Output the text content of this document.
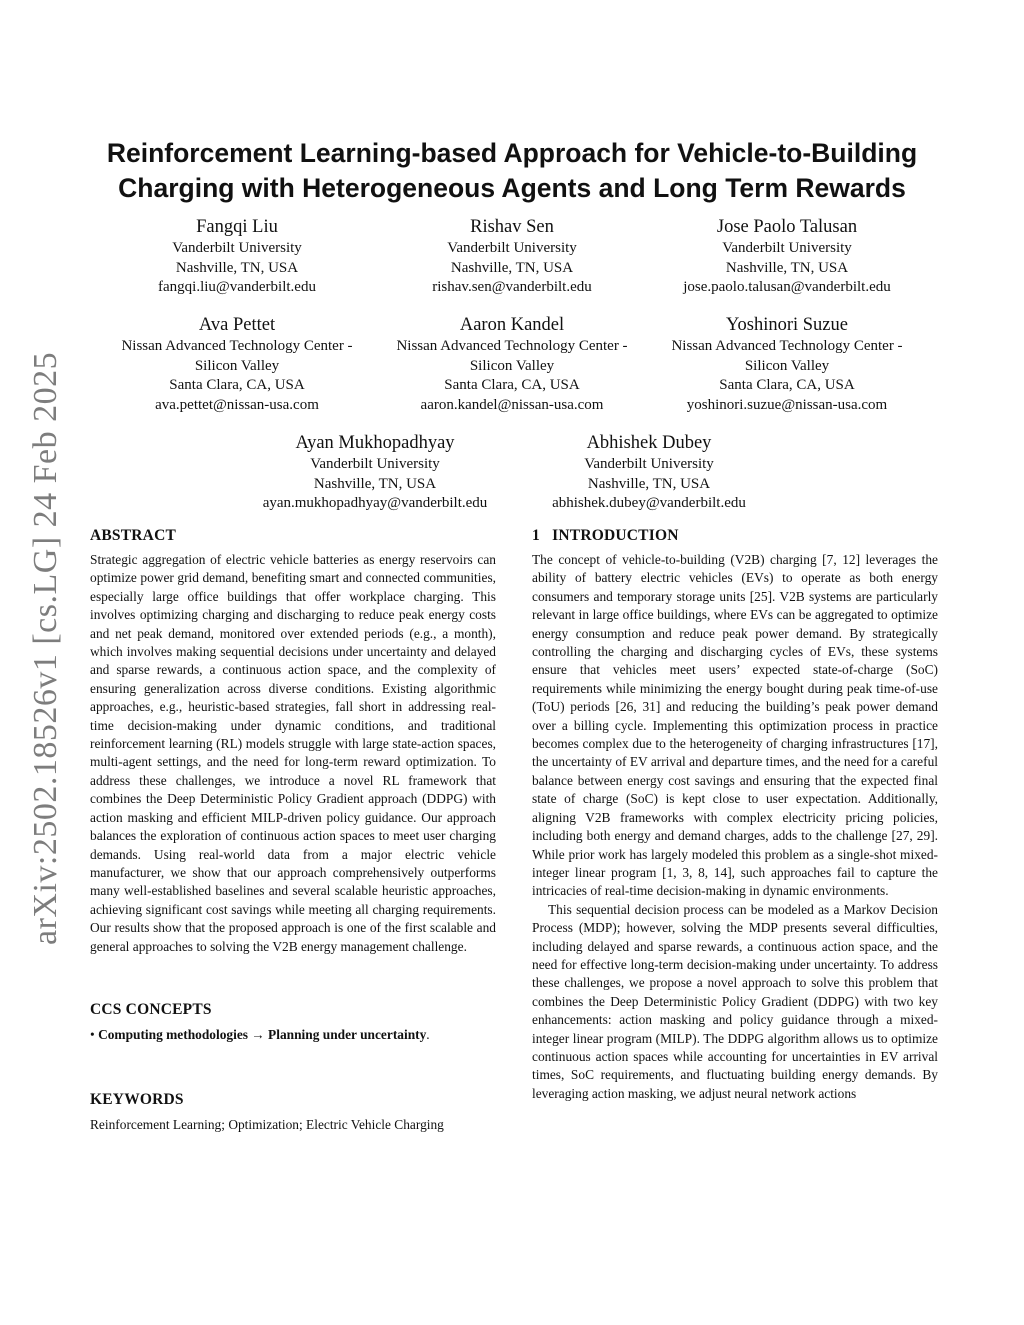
arXiv:2502.18526v1 [cs.LG] 24 Feb 2025
Reinforcement Learning-based Approach for Vehicle-to-Building
Charging with Heterogeneous Agents and Long Term Rewards
Fangqi Liu
Vanderbilt University
Nashville, TN, USA
fangqi.liu@vanderbilt.edu
Rishav Sen
Vanderbilt University
Nashville, TN, USA
rishav.sen@vanderbilt.edu
Jose Paolo Talusan
Vanderbilt University
Nashville, TN, USA
jose.paolo.talusan@vanderbilt.edu
Ava Pettet
Nissan Advanced Technology Center -
Silicon Valley
Santa Clara, CA, USA
ava.pettet@nissan-usa.com
Aaron Kandel
Nissan Advanced Technology Center -
Silicon Valley
Santa Clara, CA, USA
aaron.kandel@nissan-usa.com
Yoshinori Suzue
Nissan Advanced Technology Center -
Silicon Valley
Santa Clara, CA, USA
yoshinori.suzue@nissan-usa.com
Ayan Mukhopadhyay
Vanderbilt University
Nashville, TN, USA
ayan.mukhopadhyay@vanderbilt.edu
Abhishek Dubey
Vanderbilt University
Nashville, TN, USA
abhishek.dubey@vanderbilt.edu
ABSTRACT

Strategic aggregation of electric vehicle batteries as energy reservoirs can optimize power grid demand, benefiting smart and connected communities, especially large office buildings that offer workplace charging. This involves optimizing charging and discharging to reduce peak energy costs and net peak demand, monitored over extended periods (e.g., a month), which involves making sequential decisions under uncertainty and delayed and sparse rewards, a continuous action space, and the complexity of ensuring generalization across diverse conditions. Existing algorithmic approaches, e.g., heuristic-based strategies, fall short in addressing real-time decision-making under dynamic conditions, and traditional reinforcement learning (RL) models struggle with large state-action spaces, multi-agent settings, and the need for long-term reward optimization. To address these challenges, we introduce a novel RL framework that combines the Deep Deterministic Policy Gradient approach (DDPG) with action masking and efficient MILP-driven policy guidance. Our approach balances the exploration of continuous action spaces to meet user charging demands. Using real-world data from a major electric vehicle manufacturer, we show that our approach comprehensively outperforms many well-established baselines and several scalable heuristic approaches, achieving significant cost savings while meeting all charging requirements. Our results show that the proposed approach is one of the first scalable and general approaches to solving the V2B energy management challenge.

CCS CONCEPTS
• Computing methodologies → Planning under uncertainty.
KEYWORDS

Reinforcement Learning; Optimization; Electric Vehicle Charging

1   INTRODUCTION

The concept of vehicle-to-building (V2B) charging [7, 12] leverages the ability of battery electric vehicles (EVs) to operate as both energy consumers and temporary storage units [25]. V2B systems are particularly relevant in large office buildings, where EVs can be aggregated to optimize energy consumption and reduce peak power demand. By strategically controlling the charging and discharging cycles of EVs, these systems ensure that vehicles meet users’ expected state-of-charge (SoC) requirements while minimizing the energy bought during peak time-of-use (ToU) periods [26, 31] and reducing the building’s peak power demand over a billing cycle. Implementing this optimization process in practice becomes complex due to the heterogeneity of charging infrastructures [17], the uncertainty of EV arrival and departure times, and the need for a careful balance between energy cost savings and ensuring that the expected final state of charge (SoC) is kept close to user expectation. Additionally, aligning V2B frameworks with complex electricity pricing policies, including both energy and demand charges, adds to the challenge [27, 29]. While prior work has largely modeled this problem as a single-shot mixed-integer linear program [1, 3, 8, 14], such approaches fail to capture the intricacies of real-time decision-making in dynamic environments.

This sequential decision process can be modeled as a Markov Decision Process (MDP); however, solving the MDP presents several difficulties, including delayed and sparse rewards, a continuous action space, and the need for effective long-term decision-making under uncertainty. To address these challenges, we propose a novel approach to solve this problem that combines the Deep Deterministic Policy Gradient (DDPG) with two key enhancements: action masking and policy guidance through a mixed-integer linear program (MILP). The DDPG algorithm allows us to optimize continuous action spaces while accounting for uncertainties in EV arrival times, SoC requirements, and fluctuating building energy demands. By leveraging action masking, we adjust neural network actions
